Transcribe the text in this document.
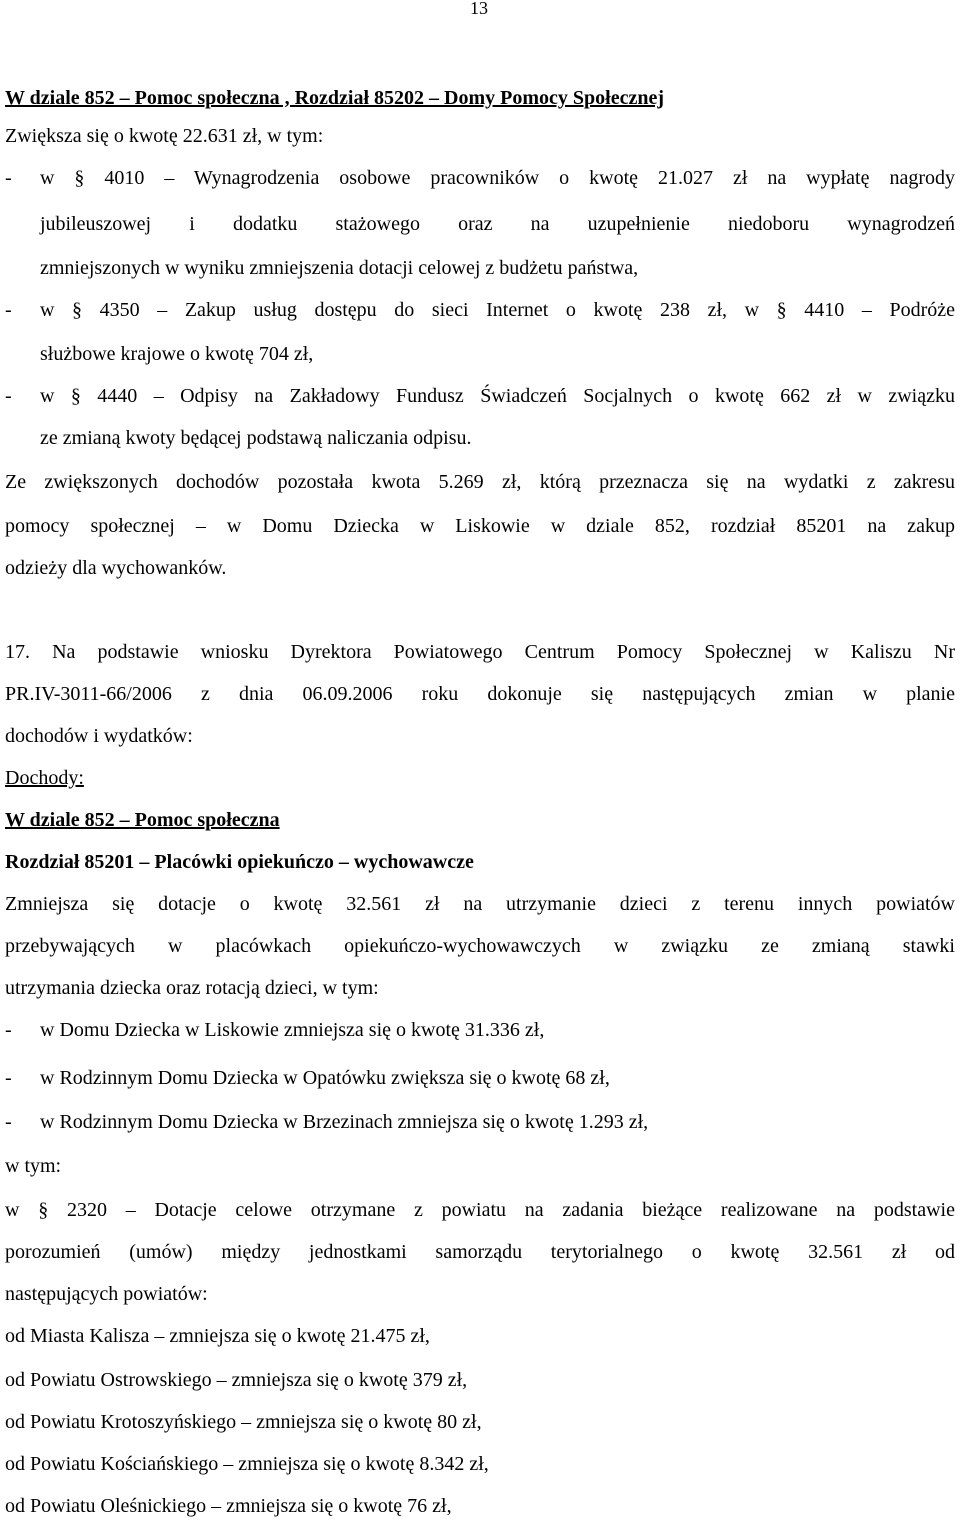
13
W dziale 852 – Pomoc społeczna , Rozdział 85202 – Domy Pomocy Społecznej
Zwiększa się o kwotę 22.631 zł, w tym:
- w § 4010 – Wynagrodzenia osobowe pracowników o kwotę 21.027 zł na wypłatę nagrody
jubileuszowej i dodatku stażowego oraz na uzupełnienie niedoboru wynagrodzeń
zmniejszonych w wyniku zmniejszenia dotacji celowej z budżetu państwa,
- w § 4350 – Zakup usług dostępu do sieci Internet o kwotę 238 zł, w § 4410 – Podróże
służbowe krajowe o kwotę 704 zł,
- w § 4440 – Odpisy na Zakładowy Fundusz Świadczeń Socjalnych o kwotę 662 zł w związku
ze zmianą kwoty będącej podstawą naliczania odpisu.
Ze zwiększonych dochodów pozostała kwota 5.269 zł, którą przeznacza się na wydatki z zakresu
pomocy społecznej – w Domu Dziecka w Liskowie w dziale 852, rozdział 85201 na zakup
odzieży dla wychowanków.
17. Na podstawie wniosku Dyrektora Powiatowego Centrum Pomocy Społecznej w Kaliszu Nr
PR.IV-3011-66/2006 z dnia 06.09.2006 roku dokonuje się następujących zmian w planie
dochodów i wydatków:
Dochody:
W dziale 852 – Pomoc społeczna
Rozdział 85201 – Placówki opiekuńczo – wychowawcze
Zmniejsza się dotacje o kwotę 32.561 zł na utrzymanie dzieci z terenu innych powiatów
przebywających w placówkach opiekuńczo-wychowawczych w związku ze zmianą stawki
utrzymania dziecka oraz rotacją dzieci, w tym:
- w Domu Dziecka w Liskowie zmniejsza się o kwotę 31.336 zł,
- w Rodzinnym Domu Dziecka w Opatówku zwiększa się o kwotę 68 zł,
- w Rodzinnym Domu Dziecka w Brzezinach zmniejsza się o kwotę 1.293 zł,
w tym:
w § 2320 – Dotacje celowe otrzymane z powiatu na zadania bieżące realizowane na podstawie
porozumień (umów) między jednostkami samorządu terytorialnego o kwotę 32.561 zł od
następujących powiatów:
od Miasta Kalisza – zmniejsza się o kwotę 21.475 zł,
od Powiatu Ostrowskiego – zmniejsza się o kwotę 379 zł,
od Powiatu Krotoszyńskiego – zmniejsza się o kwotę 80 zł,
od Powiatu Kościańskiego – zmniejsza się o kwotę 8.342 zł,
od Powiatu Oleśnickiego – zmniejsza się o kwotę 76 zł,
